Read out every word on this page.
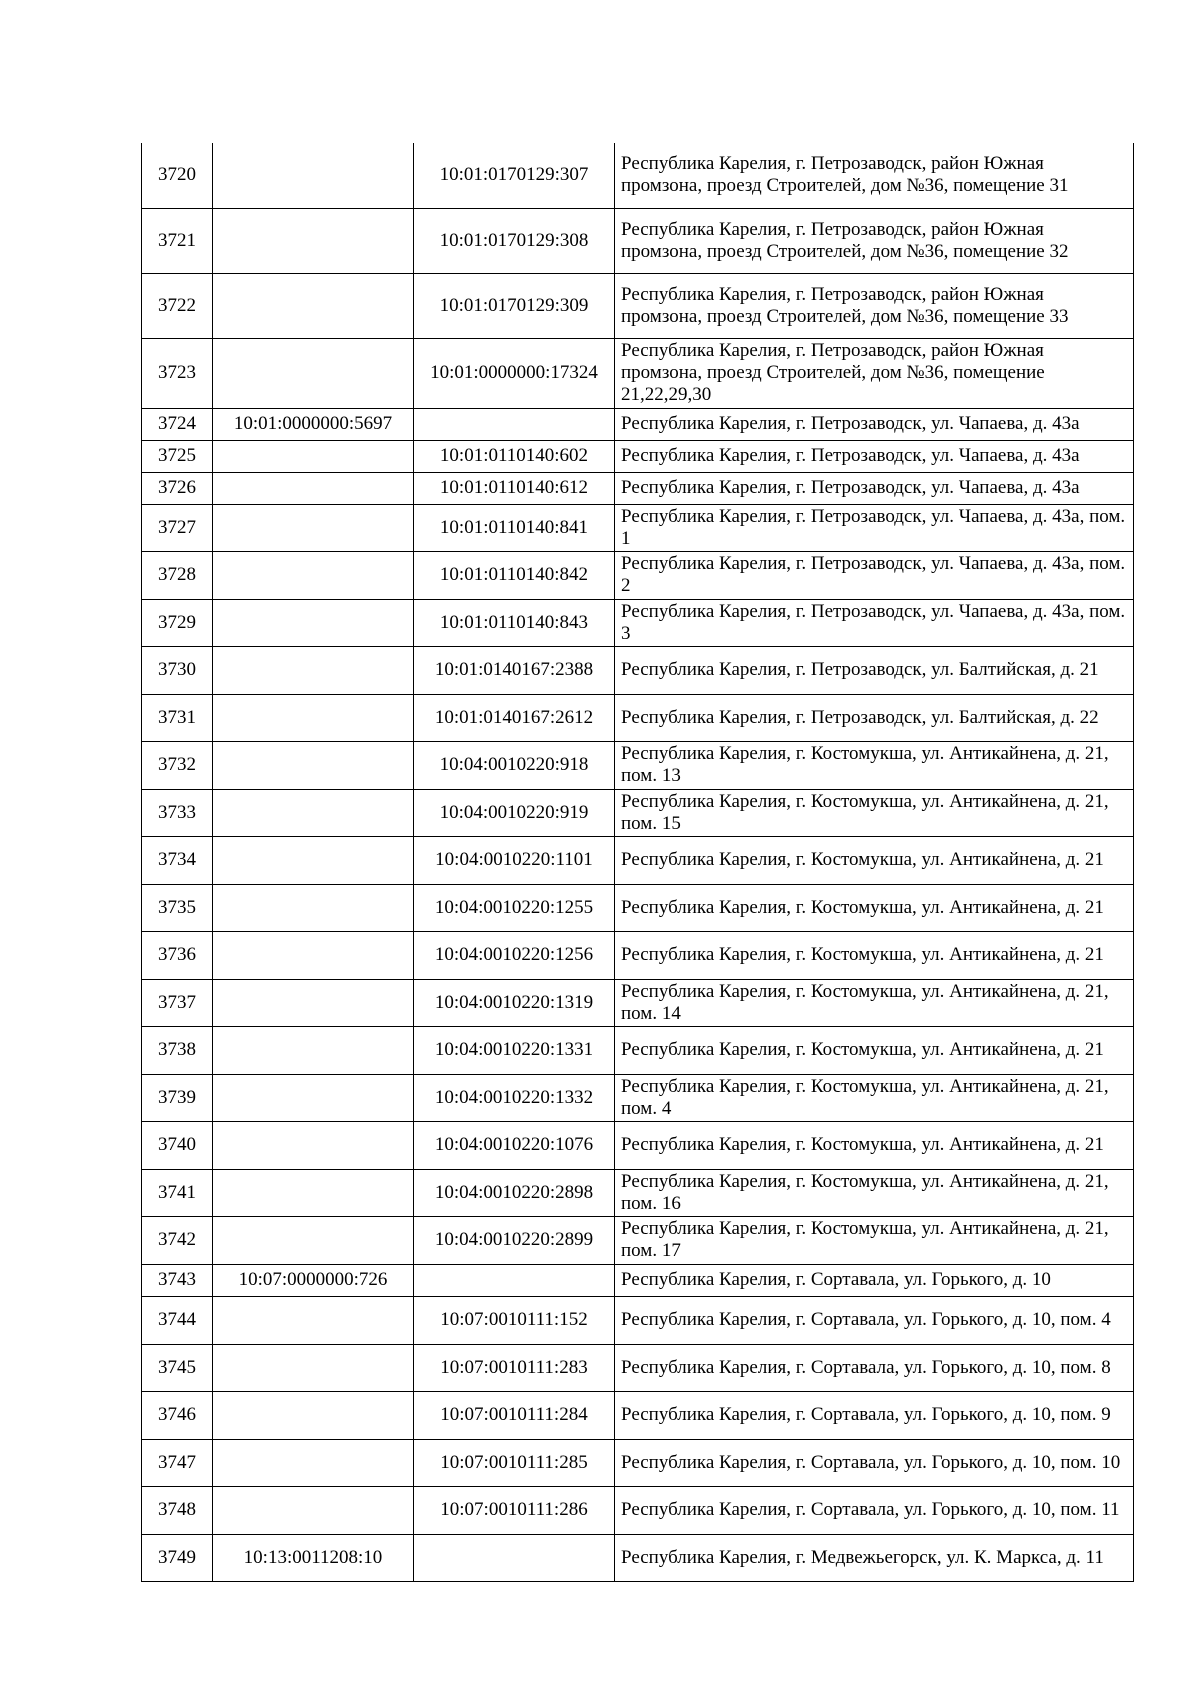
3720		10:01:0170129:307	Республика Карелия, г. Петрозаводск, район Южная промзона, проезд Строителей, дом №36, помещение 31
3721		10:01:0170129:308	Республика Карелия, г. Петрозаводск, район Южная промзона, проезд Строителей, дом №36, помещение 32
3722		10:01:0170129:309	Республика Карелия, г. Петрозаводск, район Южная промзона, проезд Строителей, дом №36, помещение 33
3723		10:01:0000000:17324	Республика Карелия, г. Петрозаводск, район Южная промзона, проезд Строителей, дом №36, помещение 21,22,29,30
3724	10:01:0000000:5697		Республика Карелия, г. Петрозаводск, ул. Чапаева, д. 43а
3725		10:01:0110140:602	Республика Карелия, г. Петрозаводск, ул. Чапаева, д. 43а
3726		10:01:0110140:612	Республика Карелия, г. Петрозаводск, ул. Чапаева, д. 43а
3727		10:01:0110140:841	Республика Карелия, г. Петрозаводск, ул. Чапаева, д. 43а, пом. 1
3728		10:01:0110140:842	Республика Карелия, г. Петрозаводск, ул. Чапаева, д. 43а, пом. 2
3729		10:01:0110140:843	Республика Карелия, г. Петрозаводск, ул. Чапаева, д. 43а, пом. 3
3730		10:01:0140167:2388	Республика Карелия, г. Петрозаводск, ул. Балтийская, д. 21
3731		10:01:0140167:2612	Республика Карелия, г. Петрозаводск, ул. Балтийская, д. 22
3732		10:04:0010220:918	Республика Карелия, г. Костомукша, ул. Антикайнена, д. 21, пом. 13
3733		10:04:0010220:919	Республика Карелия, г. Костомукша, ул. Антикайнена, д. 21, пом. 15
3734		10:04:0010220:1101	Республика Карелия, г. Костомукша, ул. Антикайнена, д. 21
3735		10:04:0010220:1255	Республика Карелия, г. Костомукша, ул. Антикайнена, д. 21
3736		10:04:0010220:1256	Республика Карелия, г. Костомукша, ул. Антикайнена, д. 21
3737		10:04:0010220:1319	Республика Карелия, г. Костомукша, ул. Антикайнена, д. 21, пом. 14
3738		10:04:0010220:1331	Республика Карелия, г. Костомукша, ул. Антикайнена, д. 21
3739		10:04:0010220:1332	Республика Карелия, г. Костомукша, ул. Антикайнена, д. 21, пом. 4
3740		10:04:0010220:1076	Республика Карелия, г. Костомукша, ул. Антикайнена, д. 21
3741		10:04:0010220:2898	Республика Карелия, г. Костомукша, ул. Антикайнена, д. 21, пом. 16
3742		10:04:0010220:2899	Республика Карелия, г. Костомукша, ул. Антикайнена, д. 21, пом. 17
3743	10:07:0000000:726		Республика Карелия, г. Сортавала, ул. Горького, д. 10
3744		10:07:0010111:152	Республика Карелия, г. Сортавала, ул. Горького, д. 10, пом. 4
3745		10:07:0010111:283	Республика Карелия, г. Сортавала, ул. Горького, д. 10, пом. 8
3746		10:07:0010111:284	Республика Карелия, г. Сортавала, ул. Горького, д. 10, пом. 9
3747		10:07:0010111:285	Республика Карелия, г. Сортавала, ул. Горького, д. 10, пом. 10
3748		10:07:0010111:286	Республика Карелия, г. Сортавала, ул. Горького, д. 10, пом. 11
3749	10:13:0011208:10		Республика Карелия, г. Медвежьегорск, ул. К. Маркса, д. 11
